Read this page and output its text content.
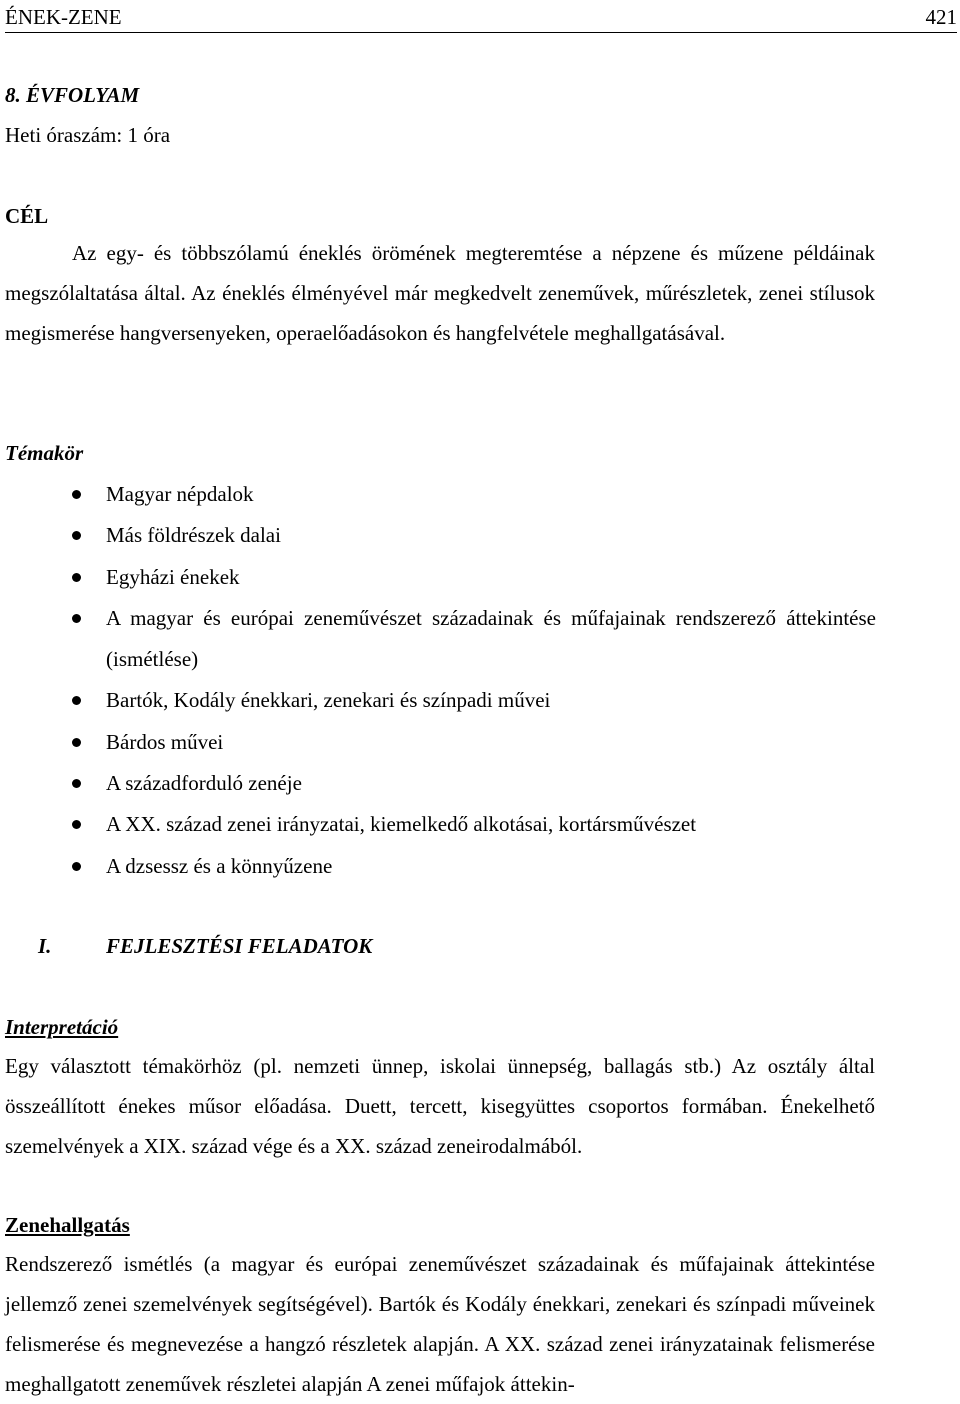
ÉNEK-ZENE	421
8. ÉVFOLYAM
Heti óraszám: 1 óra
CÉL
Az egy- és többszólamú éneklés örömének megteremtése a népzene és műzene példáinak megszólaltatása által. Az éneklés élményével már megkedvelt zeneművek, műrészletek, zenei stílusok megismerése hangversenyeken, operaelőadásokon és hangfelvétele meghallgatásával.
Témakör
Magyar népdalok
Más földrészek dalai
Egyházi énekek
A magyar és európai zeneművészet századainak és műfajainak rendszerező áttekintése (ismétlése)
Bartók, Kodály énekkari, zenekari és színpadi művei
Bárdos művei
A századforduló zenéje
A XX. század zenei irányzatai, kiemelkedő alkotásai, kortársművészet
A dzsessz és a könnyűzene
I.	FEJLESZTÉSI FELADATOK
Interpretáció
Egy választott témakörhöz (pl. nemzeti ünnep, iskolai ünnepség, ballagás stb.) Az osztály által összeállított énekes műsor előadása. Duett, tercett, kisegyüttes csoportos formában. Énekelhető szemelvények a XIX. század vége és a XX. század zeneirodalmából.
Zenehallgatás
Rendszerező ismétlés (a magyar és európai zeneművészet századainak és műfajainak áttekintése jellemző zenei szemelvények segítségével). Bartók és Kodály énekkari, zenekari és színpadi műveinek felismerése és megnevezése a hangzó részletek alapján. A XX. század zenei irányzatainak felismerése meghallgatott zeneművek részletei alapján A zenei műfajok áttekin-
